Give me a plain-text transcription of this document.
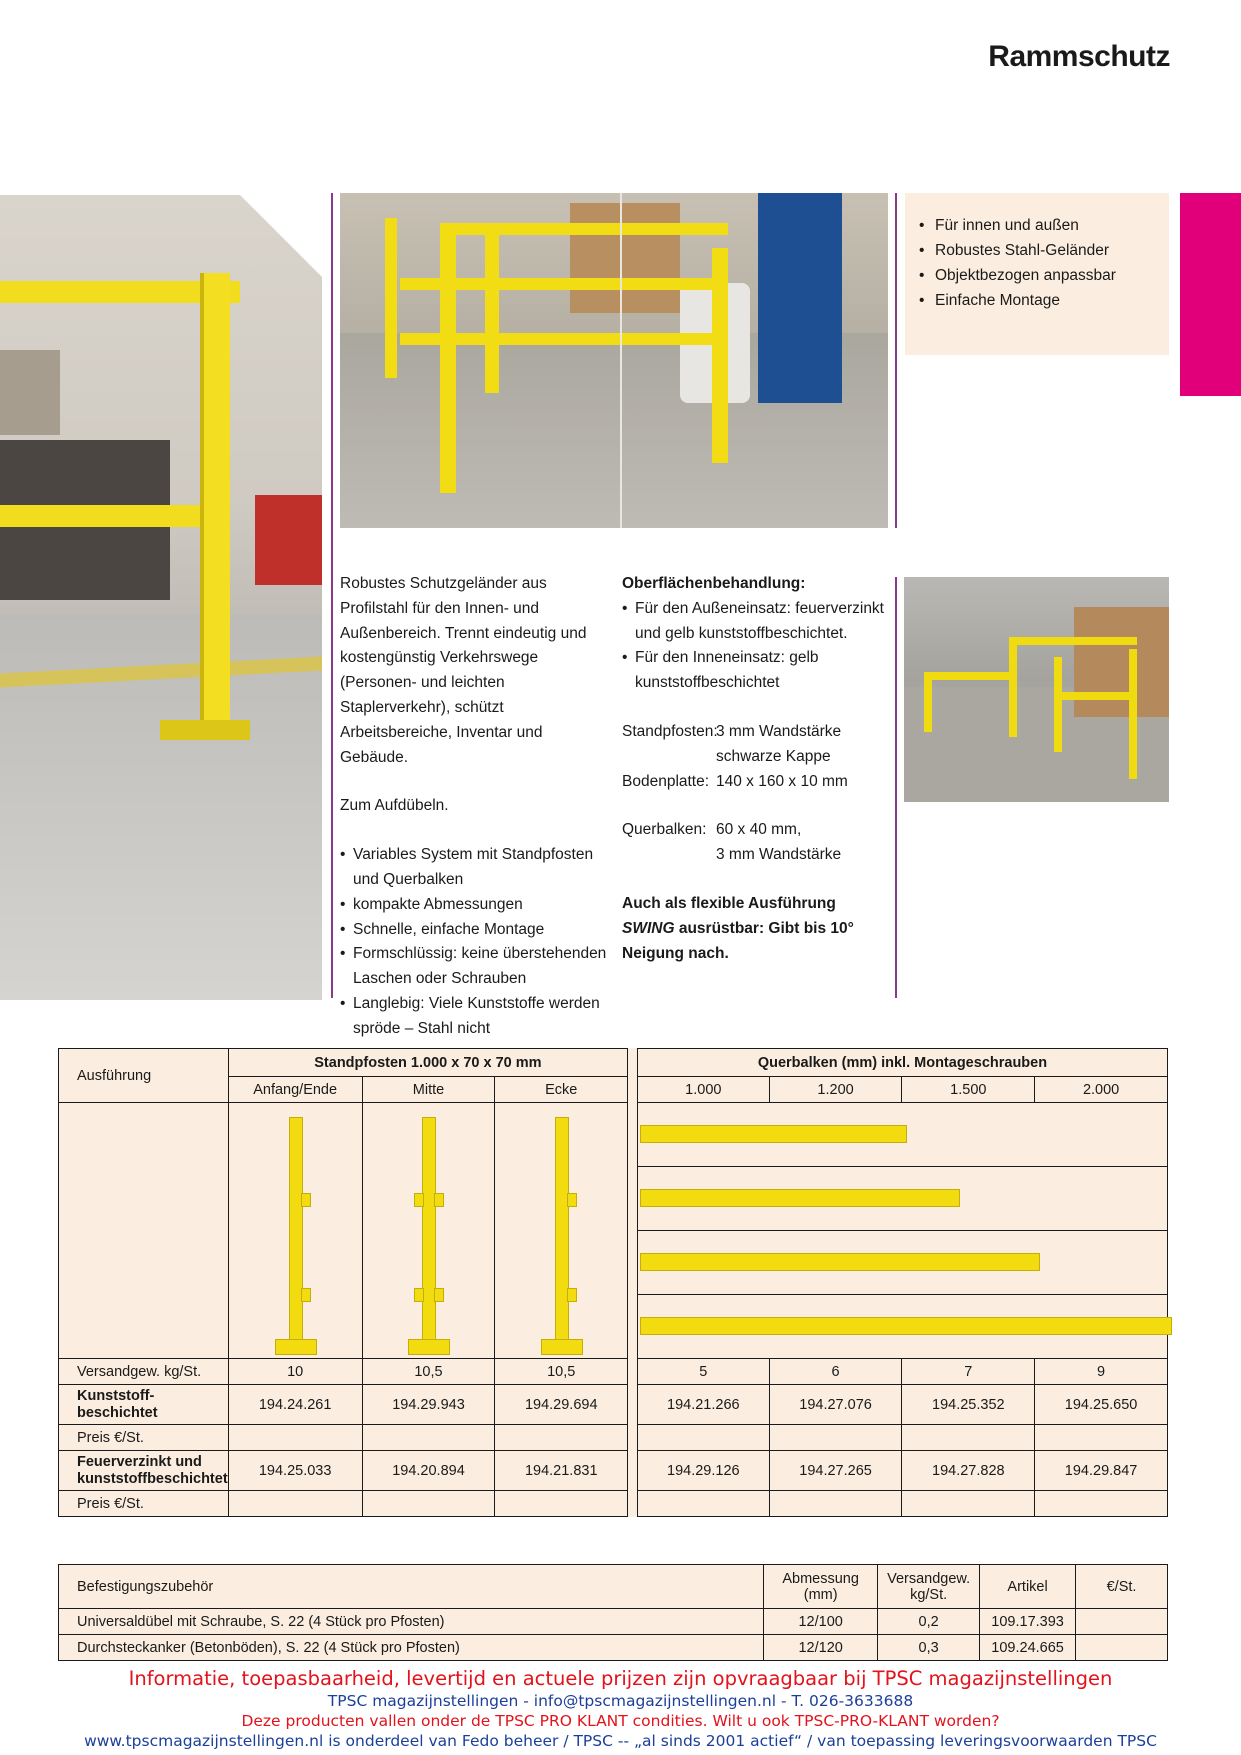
Rammschutz
• Für innen und außen
• Robustes Stahl-Geländer
• Objektbezogen anpassbar
• Einfache Montage

Robustes Schutzgeländer aus Profilstahl für den Innen- und Außenbereich. Trennt eindeutig und kostengünstig Verkehrswege (Personen- und leichten Staplerverkehr), schützt Arbeitsbereiche, Inventar und Gebäude.

Zum Aufdübeln.

• Variables System mit Standpfosten und Querbalken
• kompakte Abmessungen
• Schnelle, einfache Montage
• Formschlüssig: keine überstehenden Laschen oder Schrauben
• Langlebig: Viele Kunststoffe werden spröde – Stahl nicht
Oberflächenbehandlung:
• Für den Außeneinsatz: feuerverzinkt und gelb kunststoffbeschichtet.
• Für den Inneneinsatz: gelb kunststoffbeschichtet
Standpfosten:
3 mm Wandstärke
schwarze Kappe
Bodenplatte: 140 x 160 x 10 mm
Querbalken: 60 x 40 mm,
3 mm Wandstärke
Auch als flexible Ausführung
SWING ausrüstbar: Gibt bis 10° Neigung nach.
Ausführung	Standpfosten 1.000 x 70 x 70 mm				Querbalken (mm) inkl. Montageschrauben			
	Anfang/Ende	Mitte	Ecke		1.000	1.200	1.500	2.000

Versandgew. kg/St.	10	10,5	10,5		5	6	7	9
Kunststoff-beschichtet	194.24.261	194.29.943	194.29.694		194.21.266	194.27.076	194.25.352	194.25.650
Preis €/St.								
Feuerverzinkt und kunststoffbeschichtet	194.25.033	194.20.894	194.21.831		194.29.126	194.27.265	194.27.828	194.29.847
Preis €/St.								
Befestigungszubehör	Abmessung (mm)	Versandgew. kg/St.	Artikel	€/St.
Universaldübel mit Schraube, S. 22 (4 Stück pro Pfosten)	12/100	0,2	109.17.393	
Durchsteckanker (Betonböden), S. 22 (4 Stück pro Pfosten)	12/120	0,3	109.24.665	
Informatie, toepasbaarheid, levertijd en actuele prijzen zijn opvraagbaar bij TPSC magazijnstellingen
TPSC magazijnstellingen - info@tpscmagazijnstellingen.nl - T. 026-3633688
Deze producten vallen onder de TPSC PRO KLANT condities. Wilt u ook TPSC-PRO-KLANT worden?
www.tpscmagazijnstellingen.nl is onderdeel van Fedo beheer / TPSC -- „al sinds 2001 actief“ / van toepassing leveringsvoorwaarden TPSC
